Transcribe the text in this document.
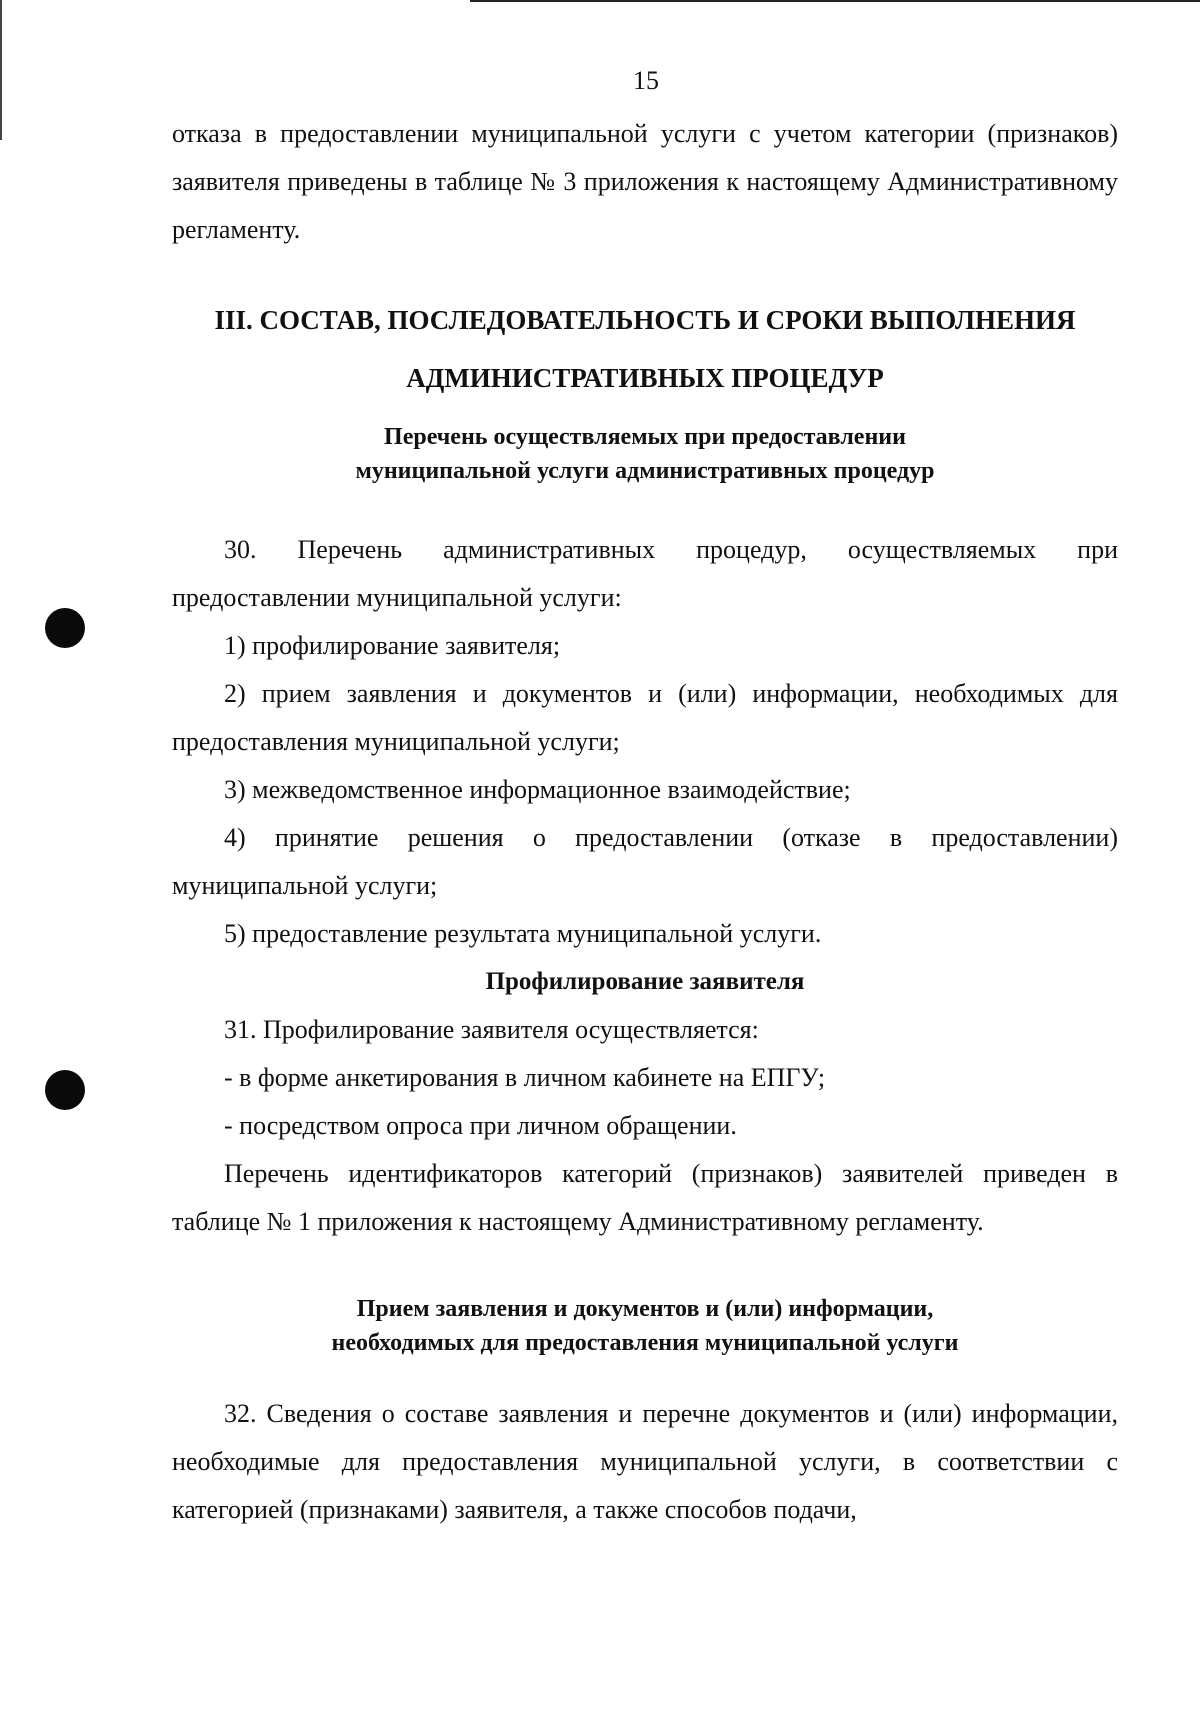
15

отказа в предоставлении муниципальной услуги с учетом категории (признаков) заявителя приведены в таблице № 3 приложения к настоящему Административному регламенту.

III. СОСТАВ, ПОСЛЕДОВАТЕЛЬНОСТЬ И СРОКИ ВЫПОЛНЕНИЯ

АДМИНИСТРАТИВНЫХ ПРОЦЕДУР

Перечень осуществляемых при предоставлении

муниципальной услуги административных процедур

30. Перечень административных процедур, осуществляемых при предоставлении муниципальной услуги:

1) профилирование заявителя;

2) прием заявления и документов и (или) информации, необходимых для предоставления муниципальной услуги;

3) межведомственное информационное взаимодействие;

4) принятие решения о предоставлении (отказе в предоставлении) муниципальной услуги;

5) предоставление результата муниципальной услуги.

Профилирование заявителя

31. Профилирование заявителя осуществляется:

- в форме анкетирования в личном кабинете на ЕПГУ;

- посредством опроса при личном обращении.

Перечень идентификаторов категорий (признаков) заявителей приведен в таблице № 1 приложения к настоящему Административному регламенту.

Прием заявления и документов и (или) информации,

необходимых для предоставления муниципальной услуги

32. Сведения о составе заявления и перечне документов и (или) информации, необходимые для предоставления муниципальной услуги, в соответствии с категорией (признаками) заявителя, а также способов подачи,
